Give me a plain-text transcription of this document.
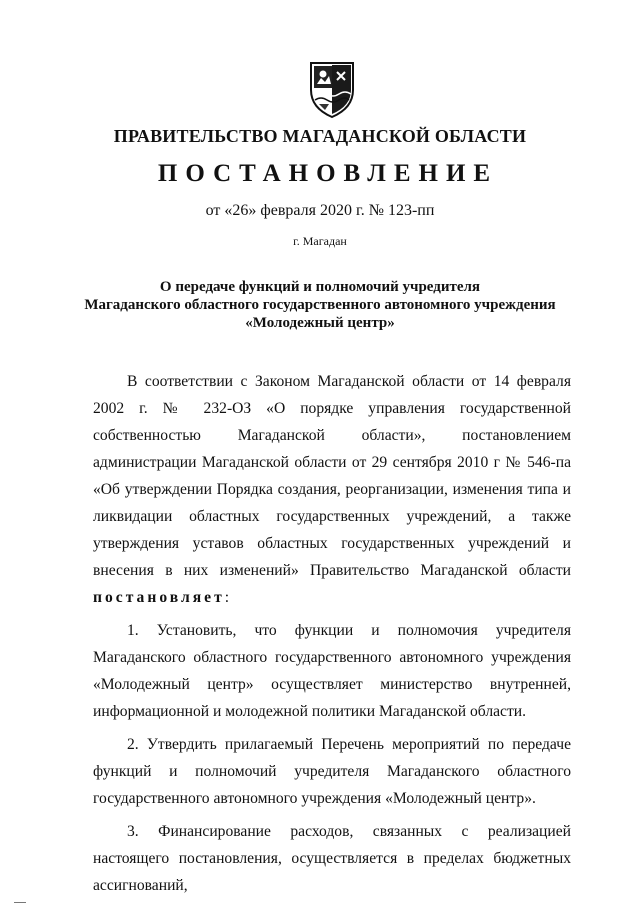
ПРАВИТЕЛЬСТВО МАГАДАНСКОЙ ОБЛАСТИ
ПОСТАНОВЛЕНИЕ
от «26» февраля 2020 г. № 123-пп
г. Магадан
О передаче функций и полномочий учредителя
Магаданского областного государственного автономного учреждения
«Молодежный центр»

В соответствии с Законом Магаданской области от 14 февраля 2002 г. № 232-ОЗ «О порядке управления государственной собственностью Магаданской области», постановлением администрации Магаданской области от 29 сентября 2010 г № 546-па «Об утверждении Порядка создания, реорганизации, изменения типа и ликвидации областных государственных учреждений, а также утверждения уставов областных государственных учреждений и внесения в них изменений» Правительство Магаданской области постановляет:

1. Установить, что функции и полномочия учредителя Магаданского областного государственного автономного учреждения «Молодежный центр» осуществляет министерство внутренней, информационной и молодежной политики Магаданской области.

2. Утвердить прилагаемый Перечень мероприятий по передаче функций и полномочий учредителя Магаданского областного государственного автономного учреждения «Молодежный центр».

3. Финансирование расходов, связанных с реализацией настоящего постановления, осуществляется в пределах бюджетных ассигнований,
